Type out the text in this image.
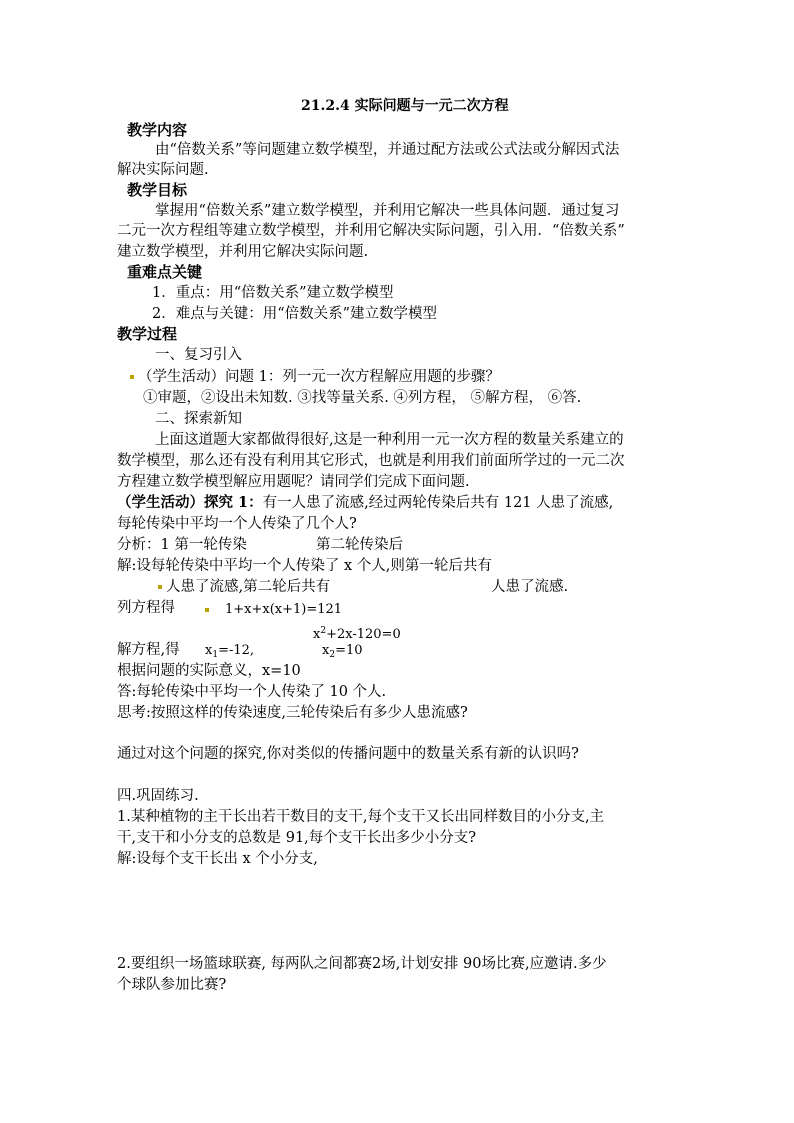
21.2.4 实际问题与一元二次方程
教学内容
由“倍数关系”等问题建立数学模型，并通过配方法或公式法或分解因式法
解决实际问题.
教学目标
掌握用“倍数关系”建立数学模型，并利用它解决一些具体问题．通过复习
二元一次方程组等建立数学模型，并利用它解决实际问题，引入用．“倍数关系”
建立数学模型，并利用它解决实际问题.
重难点关键
1．重点：用“倍数关系”建立数学模型
2．难点与关键：用“倍数关系”建立数学模型
教学过程
一、复习引入
（学生活动）问题 1：列一元一次方程解应用题的步骤？
①审题，②设出未知数. ③找等量关系. ④列方程， ⑤解方程， ⑥答.
二、探索新知
上面这道题大家都做得很好,这是一种利用一元一次方程的数量关系建立的
数学模型，那么还有没有利用其它形式，也就是利用我们前面所学过的一元二次
方程建立数学模型解应用题呢？请同学们完成下面问题.
（学生活动）探究 1：有一人患了流感,经过两轮传染后共有 121 人患了流感,
每轮传染中平均一个人传染了几个人?
分析：1 第一轮传染	第二轮传染后
解:设每轮传染中平均一个人传染了 x 个人,则第一轮后共有
人患了流感,第二轮后共有	人患了流感.
列方程得	1+x+x(x+1)=121
$x^2+2x-120=0$
解方程,得 $x_1=-12$,	$x_2=10$
根据问题的实际意义，x=10
答:每轮传染中平均一个人传染了 10 个人.
思考:按照这样的传染速度,三轮传染后有多少人患流感?
通过对这个问题的探究,你对类似的传播问题中的数量关系有新的认识吗?
四.巩固练习.
1.某种植物的主干长出若干数目的支干,每个支干又长出同样数目的小分支,主
干,支干和小分支的总数是 91,每个支干长出多少小分支?
解:设每个支干长出 x 个小分支,
2.要组织一场篮球联赛, 每两队之间都赛2场,计划安排 90场比赛,应邀请.多少
个球队参加比赛?
